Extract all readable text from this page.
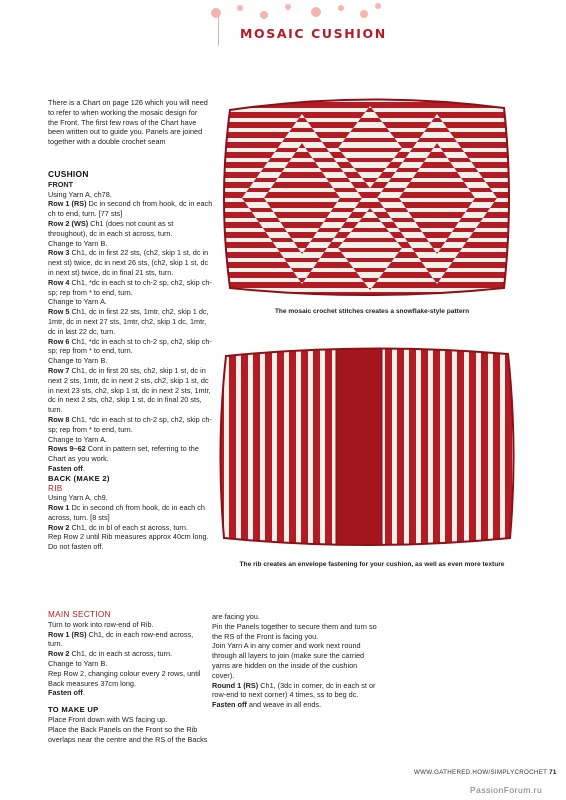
MOSAIC CUSHION

There is a Chart on page 126 which you will need to refer to when working the mosaic design for the Front. The first few rows of the Chart have been written out to guide you. Panels are joined together with a double crochet seam

CUSHION

FRONT

Using Yarn A, ch78.

Row 1 (RS) Dc in second ch from hook, dc in each ch to end, turn. [77 sts]

Row 2 (WS) Ch1 (does not count as st throughout), dc in each st across, turn.

Change to Yarn B.

Row 3 Ch1, dc in first 22 sts, (ch2, skip 1 st, dc in next st) twice, dc in next 26 sts, (ch2, skip 1 st, dc in next st) twice, dc in final 21 sts, turn.

Row 4 Ch1, *dc in each st to ch-2 sp, ch2, skip ch-sp; rep from * to end, turn.

Change to Yarn A.

Row 5 Ch1, dc in first 22 sts, 1mtr, ch2, skip 1 dc, 1mtr, dc in next 27 sts, 1mtr, ch2, skip 1 dc, 1mtr, dc in last 22 dc, turn.

Row 6 Ch1, *dc in each st to ch-2 sp, ch2, skip ch-sp; rep from * to end, turn.

Change to Yarn B.

Row 7 Ch1, dc in first 20 sts, ch2, skip 1 st, dc in next 2 sts, 1mtr, dc in next 2 sts, ch2, skip 1 st, dc in next 23 sts, ch2, skip 1 st, dc in next 2 sts, 1mtr, dc in next 2 sts, ch2, skip 1 st, dc in final 20 sts, turn.

Row 8 Ch1, *dc in each st to ch-2 sp, ch2, skip ch-sp; rep from * to end, turn.

Change to Yarn A.

Rows 9–62 Cont in pattern set, referring to the Chart as you work.

Fasten off.

BACK (MAKE 2)

RIB

Using Yarn A, ch9.

Row 1 Dc in second ch from hook, dc in each ch across, turn. [8 sts]

Row 2 Ch1, dc in bl of each st across, turn.

Rep Row 2 until Rib measures approx 40cm long.

Do not fasten off.

MAIN SECTION

Turn to work into row-end of Rib.

Row 1 (RS) Ch1, dc in each row-end across, turn.

Row 2 Ch1, dc in each st across, turn.

Change to Yarn B.

Rep Row 2, changing colour every 2 rows, until Back measures 37cm long.

Fasten off.

TO MAKE UP

Place Front down with WS facing up.

Place the Back Panels on the Front so the Rib overlaps near the centre and the RS of the Backs

are facing you.

Pin the Panels together to secure them and turn so the RS of the Front is facing you.

Join Yarn A in any corner and work next round through all layers to join (make sure the carried yarns are hidden on the inside of the cushion cover).

Round 1 (RS) Ch1, (3dc in corner, dc in each st or row-end to next corner) 4 times, ss to beg dc.

Fasten off and weave in all ends.

The mosaic crochet stitches creates a snowflake-style pattern
The rib creates an envelope fastening for your cushion, as well as even more texture
WWW.GATHERED.HOW/SIMPLYCROCHET 71
PassionForum.ru
